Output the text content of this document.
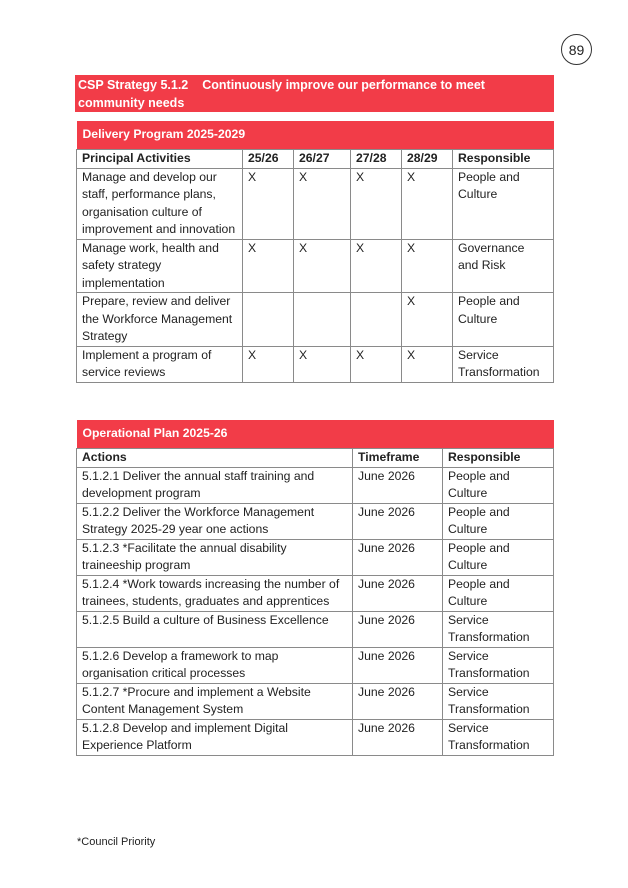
89
CSP Strategy 5.1.2 Continuously improve our performance to meet community needs
Delivery Program 2025-2029					
Principal Activities	25/26	26/27	27/28	28/29	Responsible
Manage and develop our staff, performance plans, organisation culture of improvement and innovation	X	X	X	X	People and Culture
Manage work, health and safety strategy implementation	X	X	X	X	Governance and Risk
Prepare, review and deliver the Workforce Management Strategy				X	People and Culture
Implement a program of service reviews	X	X	X	X	Service Transformation
Operational Plan 2025-26		
Actions	Timeframe	Responsible
5.1.2.1 Deliver the annual staff training and development program	June 2026	People and Culture
5.1.2.2 Deliver the Workforce Management Strategy 2025-29 year one actions	June 2026	People and Culture
5.1.2.3 *Facilitate the annual disability traineeship program	June 2026	People and Culture
5.1.2.4 *Work towards increasing the number of trainees, students, graduates and apprentices	June 2026	People and Culture
5.1.2.5 Build a culture of Business Excellence	June 2026	Service Transformation
5.1.2.6 Develop a framework to map organisation critical processes	June 2026	Service Transformation
5.1.2.7 *Procure and implement a Website Content Management System	June 2026	Service Transformation
5.1.2.8 Develop and implement Digital Experience Platform	June 2026	Service Transformation
*Council Priority
